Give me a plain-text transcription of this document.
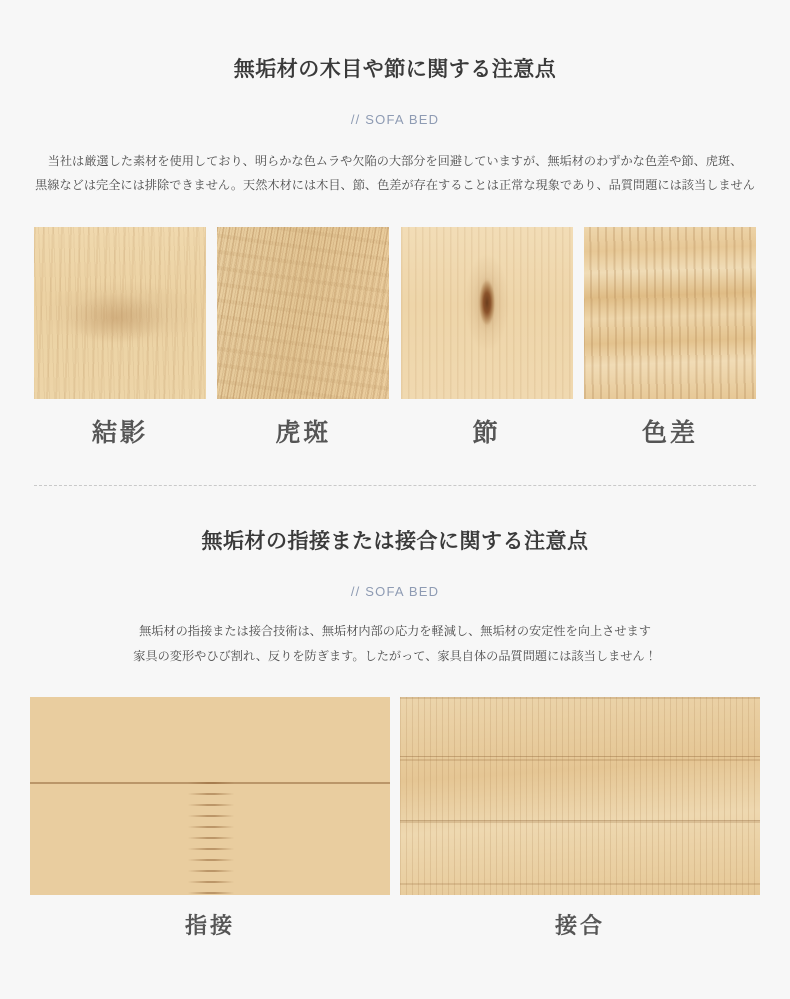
無垢材の木目や節に関する注意点
// SOFA BED
当社は厳選した素材を使用しており、明らかな色ムラや欠陥の大部分を回避していますが、無垢材のわずかな色差や節、虎斑、
黒線などは完全には排除できません。天然木材には木目、節、色差が存在することは正常な現象であり、品質問題には該当しません
結影	虎斑	節	色差
無垢材の指接または接合に関する注意点
// SOFA BED
無垢材の指接または接合技術は、無垢材内部の応力を軽減し、無垢材の安定性を向上させます
家具の変形やひび割れ、反りを防ぎます。したがって、家具自体の品質問題には該当しません！
指接	接合
